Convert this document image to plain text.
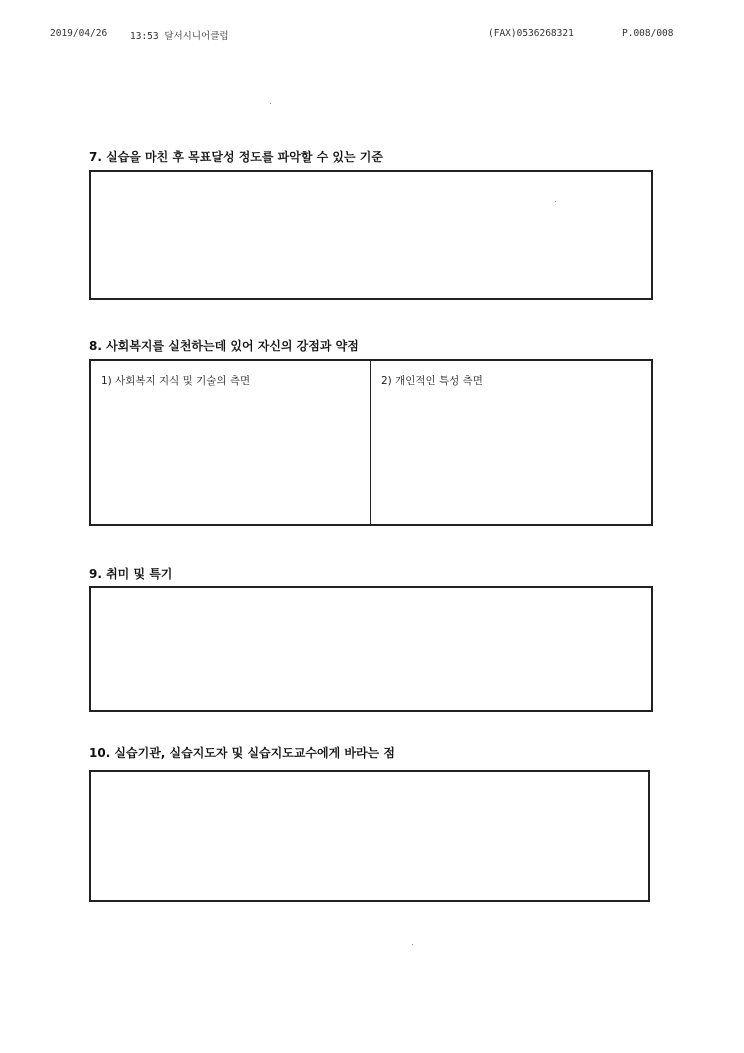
2019/04/26 13:53 달서시니어클럽	(FAX)0536268321	P.008/008
7. 실습을 마친 후 목표달성 정도를 파악할 수 있는 기준
8. 사회복지를 실천하는데 있어 자신의 강점과 약점
1) 사회복지 지식 및 기술의 측면	2) 개인적인 특성 측면
9. 취미 및 특기
10. 실습기관, 실습지도자 및 실습지도교수에게 바라는 점
